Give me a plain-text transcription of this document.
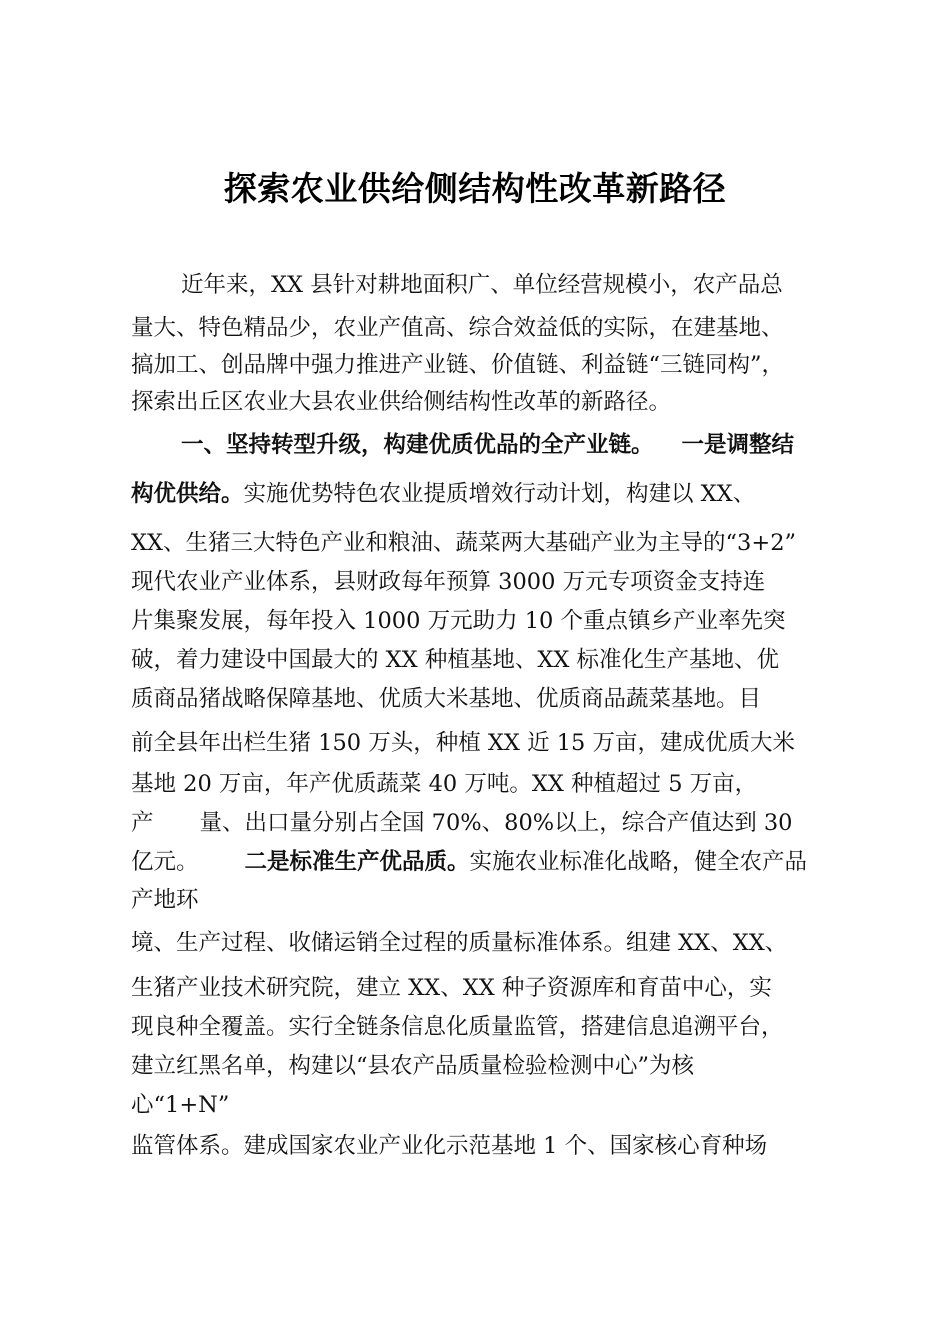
探索农业供给侧结构性改革新路径
近年来，XX 县针对耕地面积广、单位经营规模小，农产品总
量大、特色精品少，农业产值高、综合效益低的实际，在建基地、
搞加工、创品牌中强力推进产业链、价值链、利益链“三链同构”，
探索出丘区农业大县农业供给侧结构性改革的新路径。
一、坚持转型升级，构建优质优品的全产业链。 一是调整结
构优供给。实施优势特色农业提质增效行动计划，构建以 XX、
XX、生猪三大特色产业和粮油、蔬菜两大基础产业为主导的“3+2”
现代农业产业体系，县财政每年预算 3000 万元专项资金支持连
片集聚发展，每年投入 1000 万元助力 10 个重点镇乡产业率先突
破，着力建设中国最大的 XX 种植基地、XX 标准化生产基地、优
质商品猪战略保障基地、优质大米基地、优质商品蔬菜基地。目
前全县年出栏生猪 150 万头，种植 XX 近 15 万亩，建成优质大米
基地 20 万亩，年产优质蔬菜 40 万吨。XX 种植超过 5 万亩，
产 量、出口量分别占全国 70%、80%以上，综合产值达到 30
亿元。 二是标准生产优品质。实施农业标准化战略，健全农产品
产地环
境、生产过程、收储运销全过程的质量标准体系。组建 XX、XX、
生猪产业技术研究院，建立 XX、XX 种子资源库和育苗中心，实
现良种全覆盖。实行全链条信息化质量监管，搭建信息追溯平台，
建立红黑名单，构建以“县农产品质量检验检测中心”为核
心“1+N”
监管体系。建成国家农业产业化示范基地 1 个、国家核心育种场
